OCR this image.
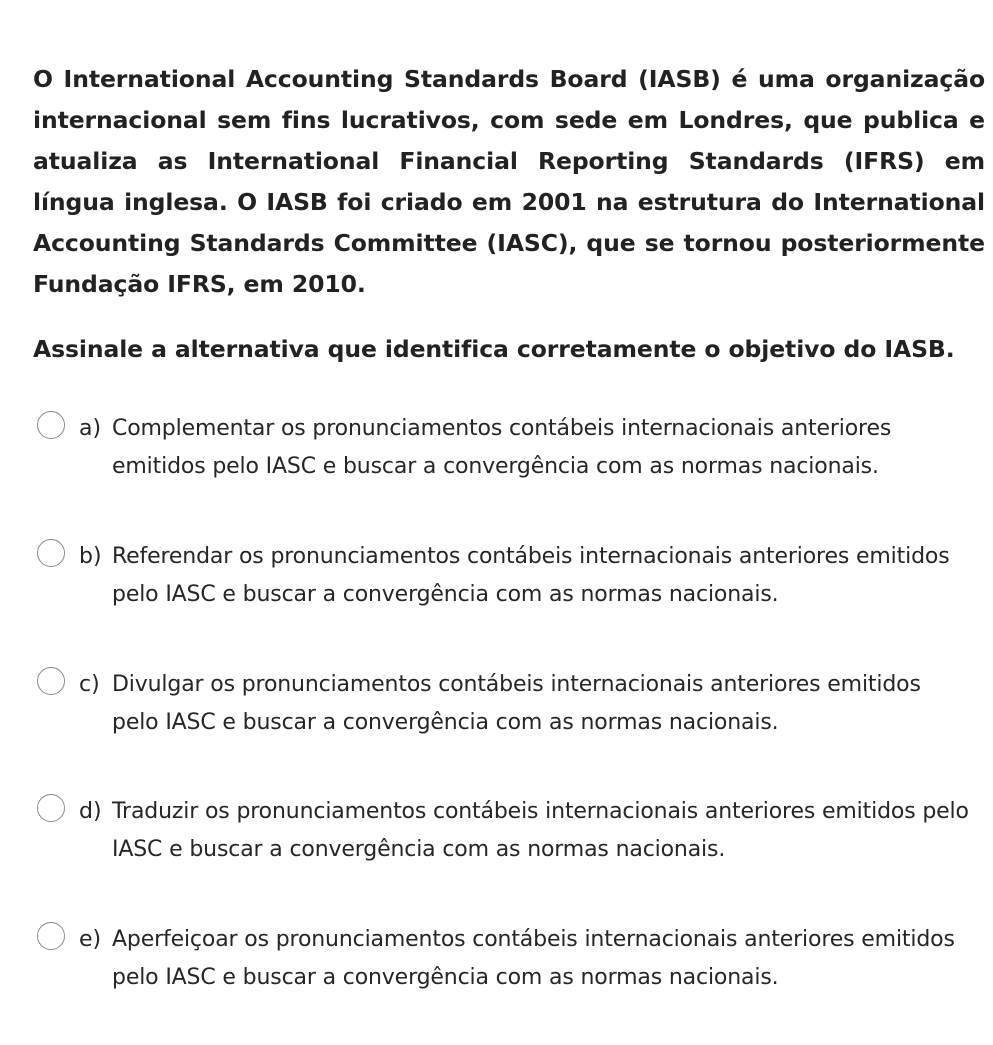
O International Accounting Standards Board (IASB) é uma organização internacional sem fins lucrativos, com sede em Londres, que publica e atualiza as International Financial Reporting Standards (IFRS) em língua inglesa. O IASB foi criado em 2001 na estrutura do International Accounting Standards Committee (IASC), que se tornou posteriormente Fundação IFRS, em 2010.

Assinale a alternativa que identifica corretamente o objetivo do IASB.

a) Complementar os pronunciamentos contábeis internacionais anteriores emitidos pelo IASC e buscar a convergência com as normas nacionais.
b) Referendar os pronunciamentos contábeis internacionais anteriores emitidos pelo IASC e buscar a convergência com as normas nacionais.
c) Divulgar os pronunciamentos contábeis internacionais anteriores emitidos pelo IASC e buscar a convergência com as normas nacionais.
d) Traduzir os pronunciamentos contábeis internacionais anteriores emitidos pelo IASC e buscar a convergência com as normas nacionais.
e) Aperfeiçoar os pronunciamentos contábeis internacionais anteriores emitidos pelo IASC e buscar a convergência com as normas nacionais.
